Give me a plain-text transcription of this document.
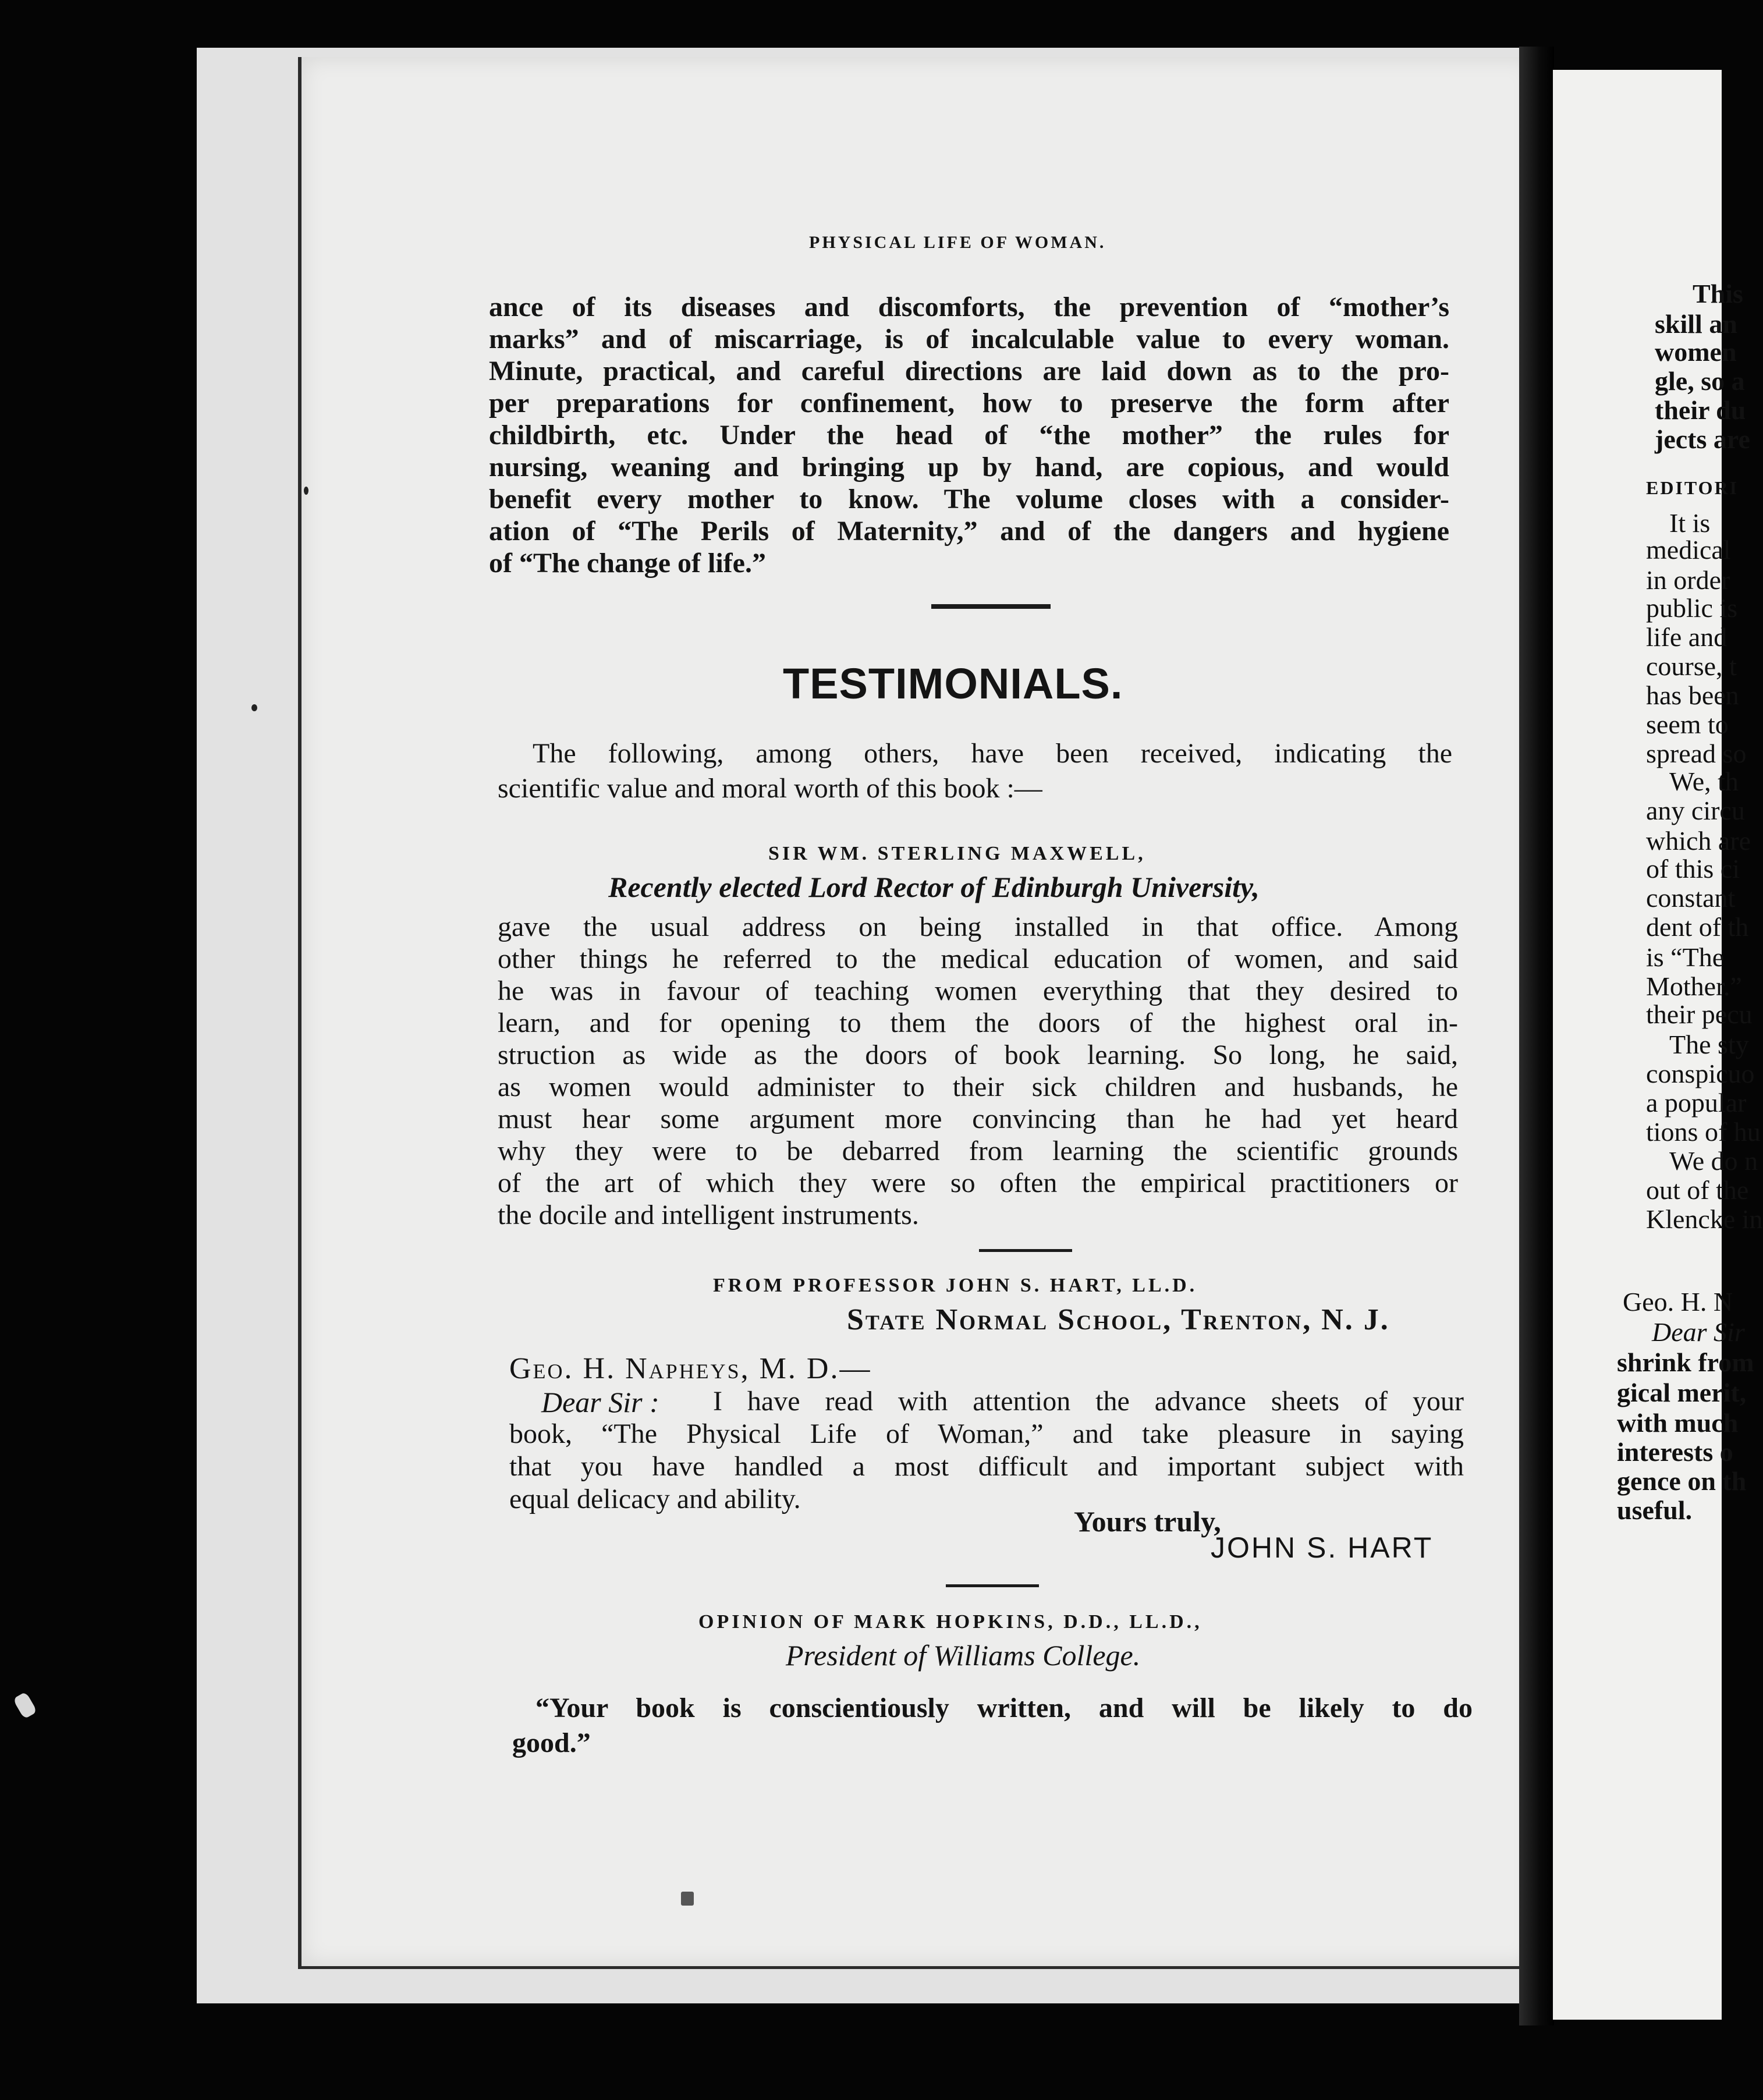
This
skill an
women
gle, so a
their du
jects are
EDITORI
It is
medical
in order
public is
life and
course, t
has been
seem to
spread so
We, th
any circu
which are
of this ci
constant
dent of th
is “The
Mother.”
their pecu
The sty
conspicuo
a popular
tions of hu
We do n
out of the
Klencke in
Geo. H. N
Dear Sir
shrink from
gical merit,
with much
interests o
gence on th
useful.
PHYSICAL LIFE OF WOMAN.
ance of its diseases and discomforts, the prevention of “mother’s
marks” and of miscarriage, is of incalculable value to every woman.
Minute, practical, and careful directions are laid down as to the pro-
per preparations for confinement, how to preserve the form after
childbirth, etc. Under the head of “the mother” the rules for
nursing, weaning and bringing up by hand, are copious, and would
benefit every mother to know. The volume closes with a consider-
ation of “The Perils of Maternity,” and of the dangers and hygiene
of “The change of life.”
TESTIMONIALS.
The following, among others, have been received, indicating the
scientific value and moral worth of this book :—
SIR WM. STERLING MAXWELL,
Recently elected Lord Rector of Edinburgh University,
gave the usual address on being installed in that office. Among
other things he referred to the medical education of women, and said
he was in favour of teaching women everything that they desired to
learn, and for opening to them the doors of the highest oral in-
struction as wide as the doors of book learning. So long, he said,
as women would administer to their sick children and husbands, he
must hear some argument more convincing than he had yet heard
why they were to be debarred from learning the scientific grounds
of the art of which they were so often the empirical practitioners or
the docile and intelligent instruments.
FROM PROFESSOR JOHN S. HART, LL.D.
State Normal School, Trenton, N. J.
Geo. H. Napheys, M. D.—
Dear Sir :	I have read with attention the advance sheets of your
book, “The Physical Life of Woman,” and take pleasure in saying
that you have handled a most difficult and important subject with
equal delicacy and ability.
Yours truly,
JOHN S. HART
OPINION OF MARK HOPKINS, D.D., LL.D.,
President of Williams College.
“Your book is conscientiously written, and will be likely to do
good.”
